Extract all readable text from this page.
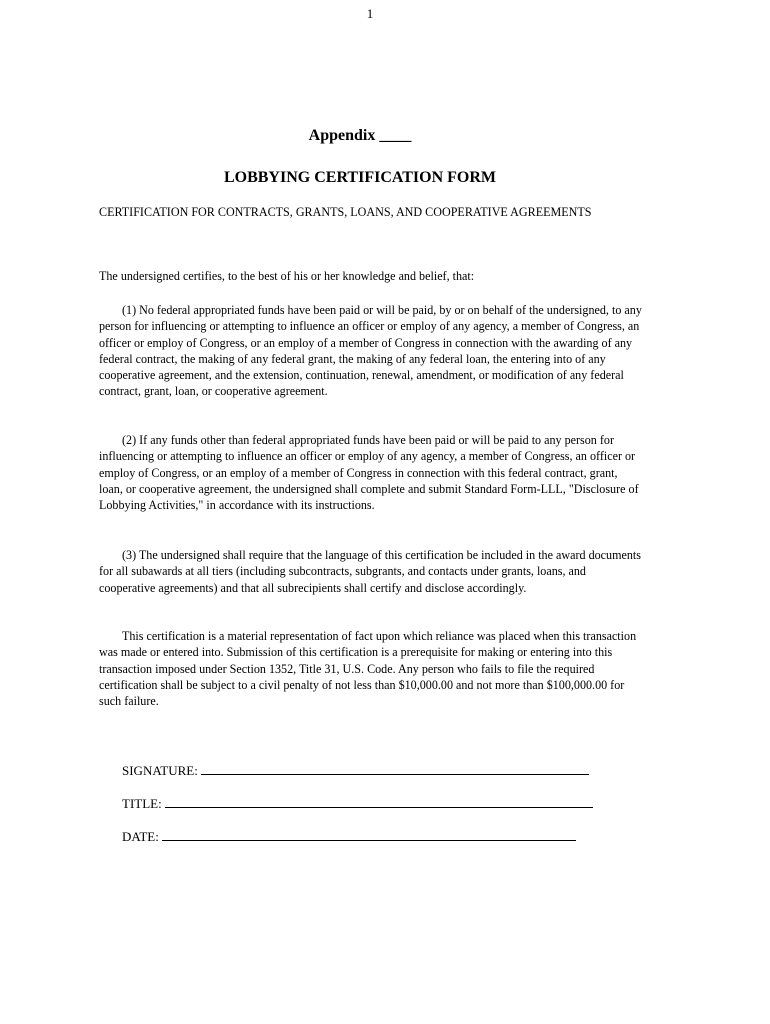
1
Appendix ____
LOBBYING CERTIFICATION FORM
CERTIFICATION FOR CONTRACTS, GRANTS, LOANS, AND COOPERATIVE AGREEMENTS
The undersigned certifies, to the best of his or her knowledge and belief, that:

(1) No federal appropriated funds have been paid or will be paid, by or on behalf of the undersigned, to any person for influencing or attempting to influence an officer or employ of any agency, a member of Congress, an officer or employ of Congress, or an employ of a member of Congress in connection with the awarding of any federal contract, the making of any federal grant, the making of any federal loan, the entering into of any cooperative agreement, and the extension, continuation, renewal, amendment, or modification of any federal contract, grant, loan, or cooperative agreement.

(2) If any funds other than federal appropriated funds have been paid or will be paid to any person for influencing or attempting to influence an officer or employ of any agency, a member of Congress, an officer or employ of Congress, or an employ of a member of Congress in connection with this federal contract, grant, loan, or cooperative agreement, the undersigned shall complete and submit Standard Form-LLL, "Disclosure of Lobbying Activities," in accordance with its instructions.

(3) The undersigned shall require that the language of this certification be included in the award documents for all subawards at all tiers (including subcontracts, subgrants, and contacts under grants, loans, and cooperative agreements) and that all subrecipients shall certify and disclose accordingly.

This certification is a material representation of fact upon which reliance was placed when this transaction was made or entered into. Submission of this certification is a prerequisite for making or entering into this transaction imposed under Section 1352, Title 31, U.S. Code. Any person who fails to file the required certification shall be subject to a civil penalty of not less than $10,000.00 and not more than $100,000.00 for such failure.

SIGNATURE:
TITLE:
DATE:
